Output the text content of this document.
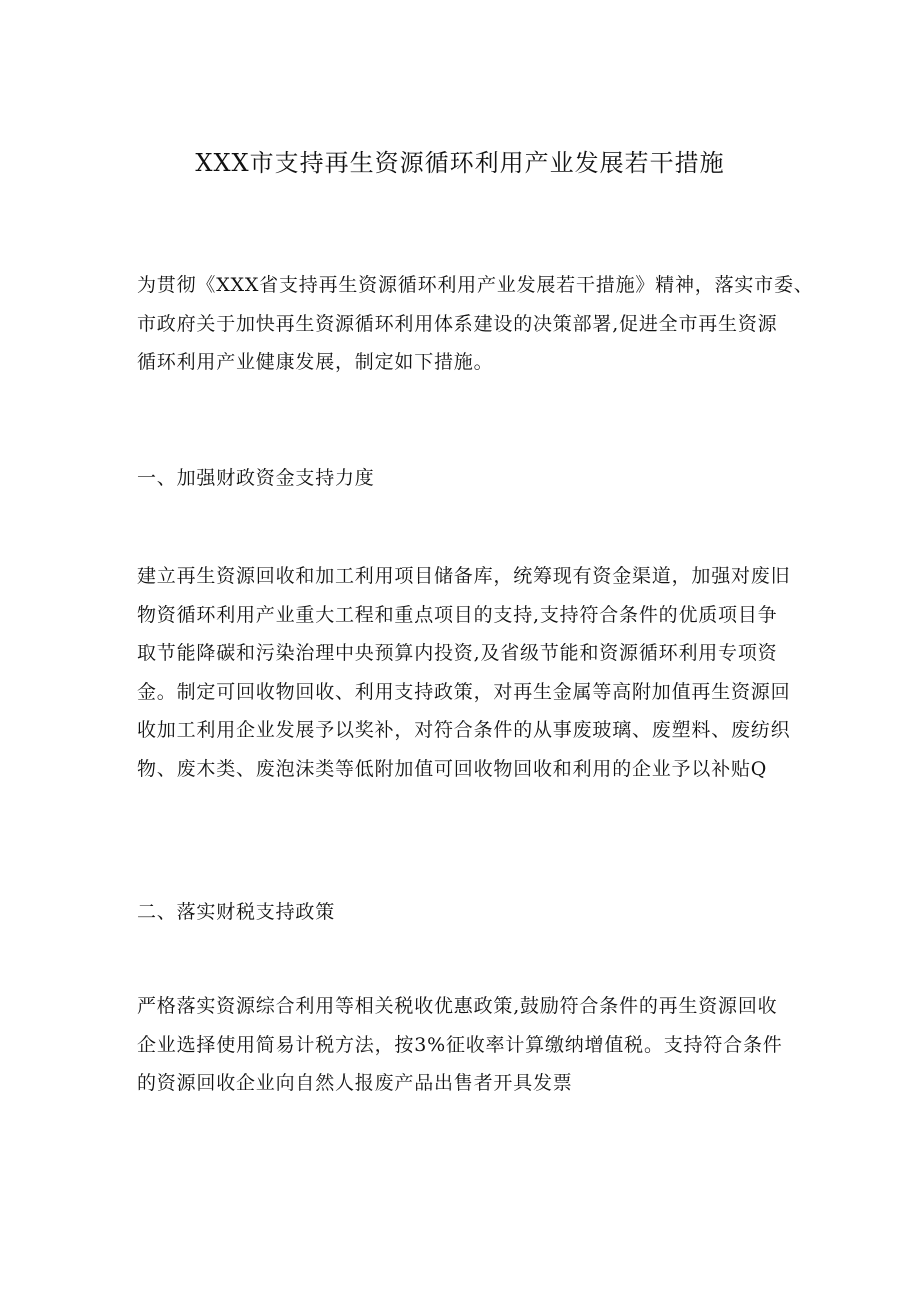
XXX市支持再生资源循环利用产业发展若干措施
为贯彻《XXX省支持再生资源循环利用产业发展若干措施》精神，落实市委、
市政府关于加快再生资源循环利用体系建设的决策部署,促进全市再生资源
循环利用产业健康发展，制定如下措施。
一、加强财政资金支持力度
建立再生资源回收和加工利用项目储备库，统筹现有资金渠道，加强对废旧
物资循环利用产业重大工程和重点项目的支持,支持符合条件的优质项目争
取节能降碳和污染治理中央预算内投资,及省级节能和资源循环利用专项资
金。制定可回收物回收、利用支持政策，对再生金属等高附加值再生资源回
收加工利用企业发展予以奖补，对符合条件的从事废玻璃、废塑料、废纺织
物、废木类、废泡沫类等低附加值可回收物回收和利用的企业予以补贴Q
二、落实财税支持政策
严格落实资源综合利用等相关税收优惠政策,鼓励符合条件的再生资源回收
企业选择使用简易计税方法，按3%征收率计算缴纳增值税。支持符合条件
的资源回收企业向自然人报废产品出售者开具发票
